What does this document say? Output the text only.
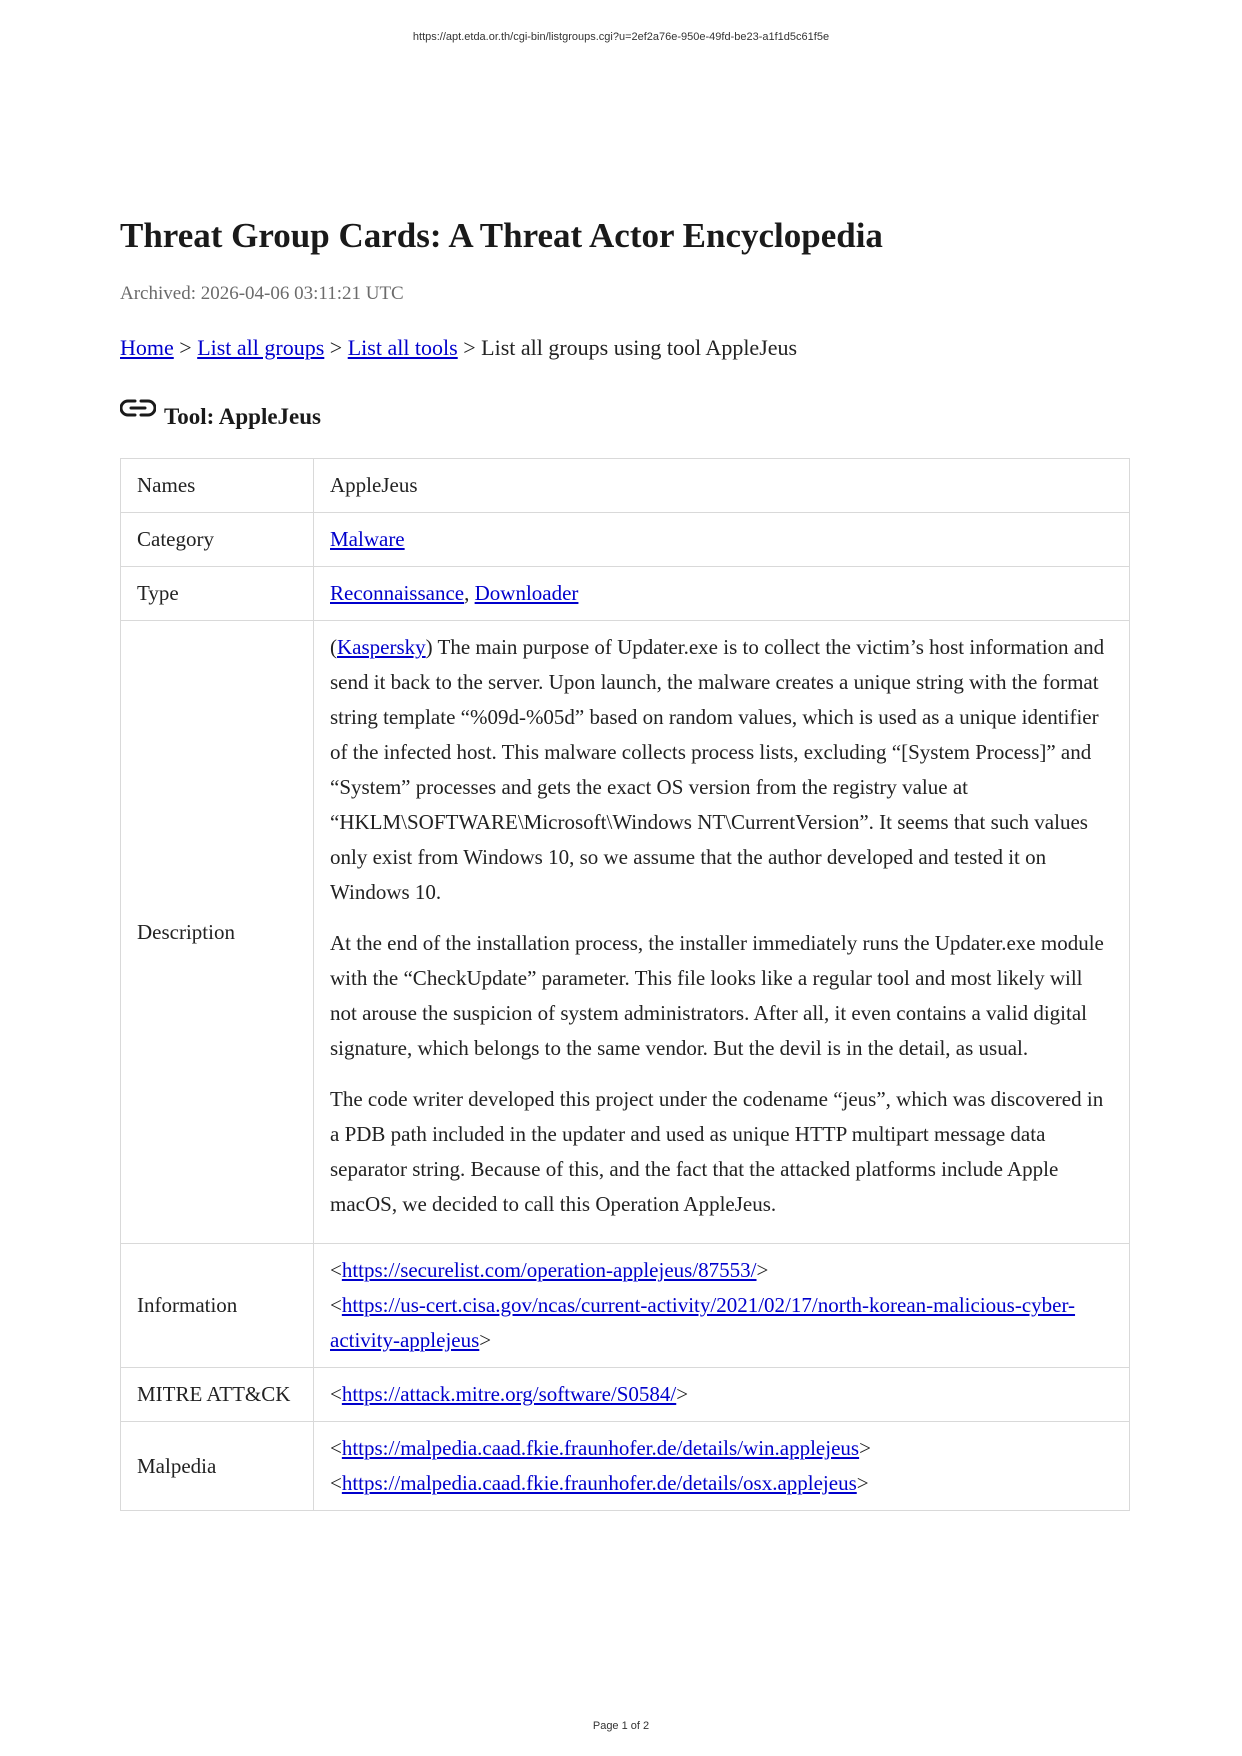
https://apt.etda.or.th/cgi-bin/listgroups.cgi?u=2ef2a76e-950e-49fd-be23-a1f1d5c61f5e
Threat Group Cards: A Threat Actor Encyclopedia
Archived: 2026-04-06 03:11:21 UTC
Home > List all groups > List all tools > List all groups using tool AppleJeus
Tool: AppleJeus
Names	AppleJeus
Category	Malware
Type	Reconnaissance, Downloader
Description	(Kaspersky) The main purpose of Updater.exe is to collect the victim’s host information and send it back to the server. Upon launch, the malware creates a unique string with the format string template “%09d-%05d” based on random values, which is used as a unique identifier of the infected host. This malware collects process lists, excluding “[System Process]” and “System” processes and gets the exact OS version from the registry value at “HKLM\SOFTWARE\Microsoft\Windows NT\CurrentVersion”. It seems that such values only exist from Windows 10, so we assume that the author developed and tested it on Windows 10.

At the end of the installation process, the installer immediately runs the Updater.exe module with the “CheckUpdate” parameter. This file looks like a regular tool and most likely will not arouse the suspicion of system administrators. After all, it even contains a valid digital signature, which belongs to the same vendor. But the devil is in the detail, as usual.

The code writer developed this project under the codename “jeus”, which was discovered in a PDB path included in the updater and used as unique HTTP multipart message data separator string. Because of this, and the fact that the attacked platforms include Apple macOS, we decided to call this Operation AppleJeus.

Information	<https://securelist.com/operation-applejeus/87553/>
<https://us-cert.cisa.gov/ncas/current-activity/2021/02/17/north-korean-malicious-cyber-activity-applejeus>

MITRE ATT&CK	<https://attack.mitre.org/software/S0584/>
Malpedia	<https://malpedia.caad.fkie.fraunhofer.de/details/win.applejeus>
<https://malpedia.caad.fkie.fraunhofer.de/details/osx.applejeus>
Page 1 of 2
